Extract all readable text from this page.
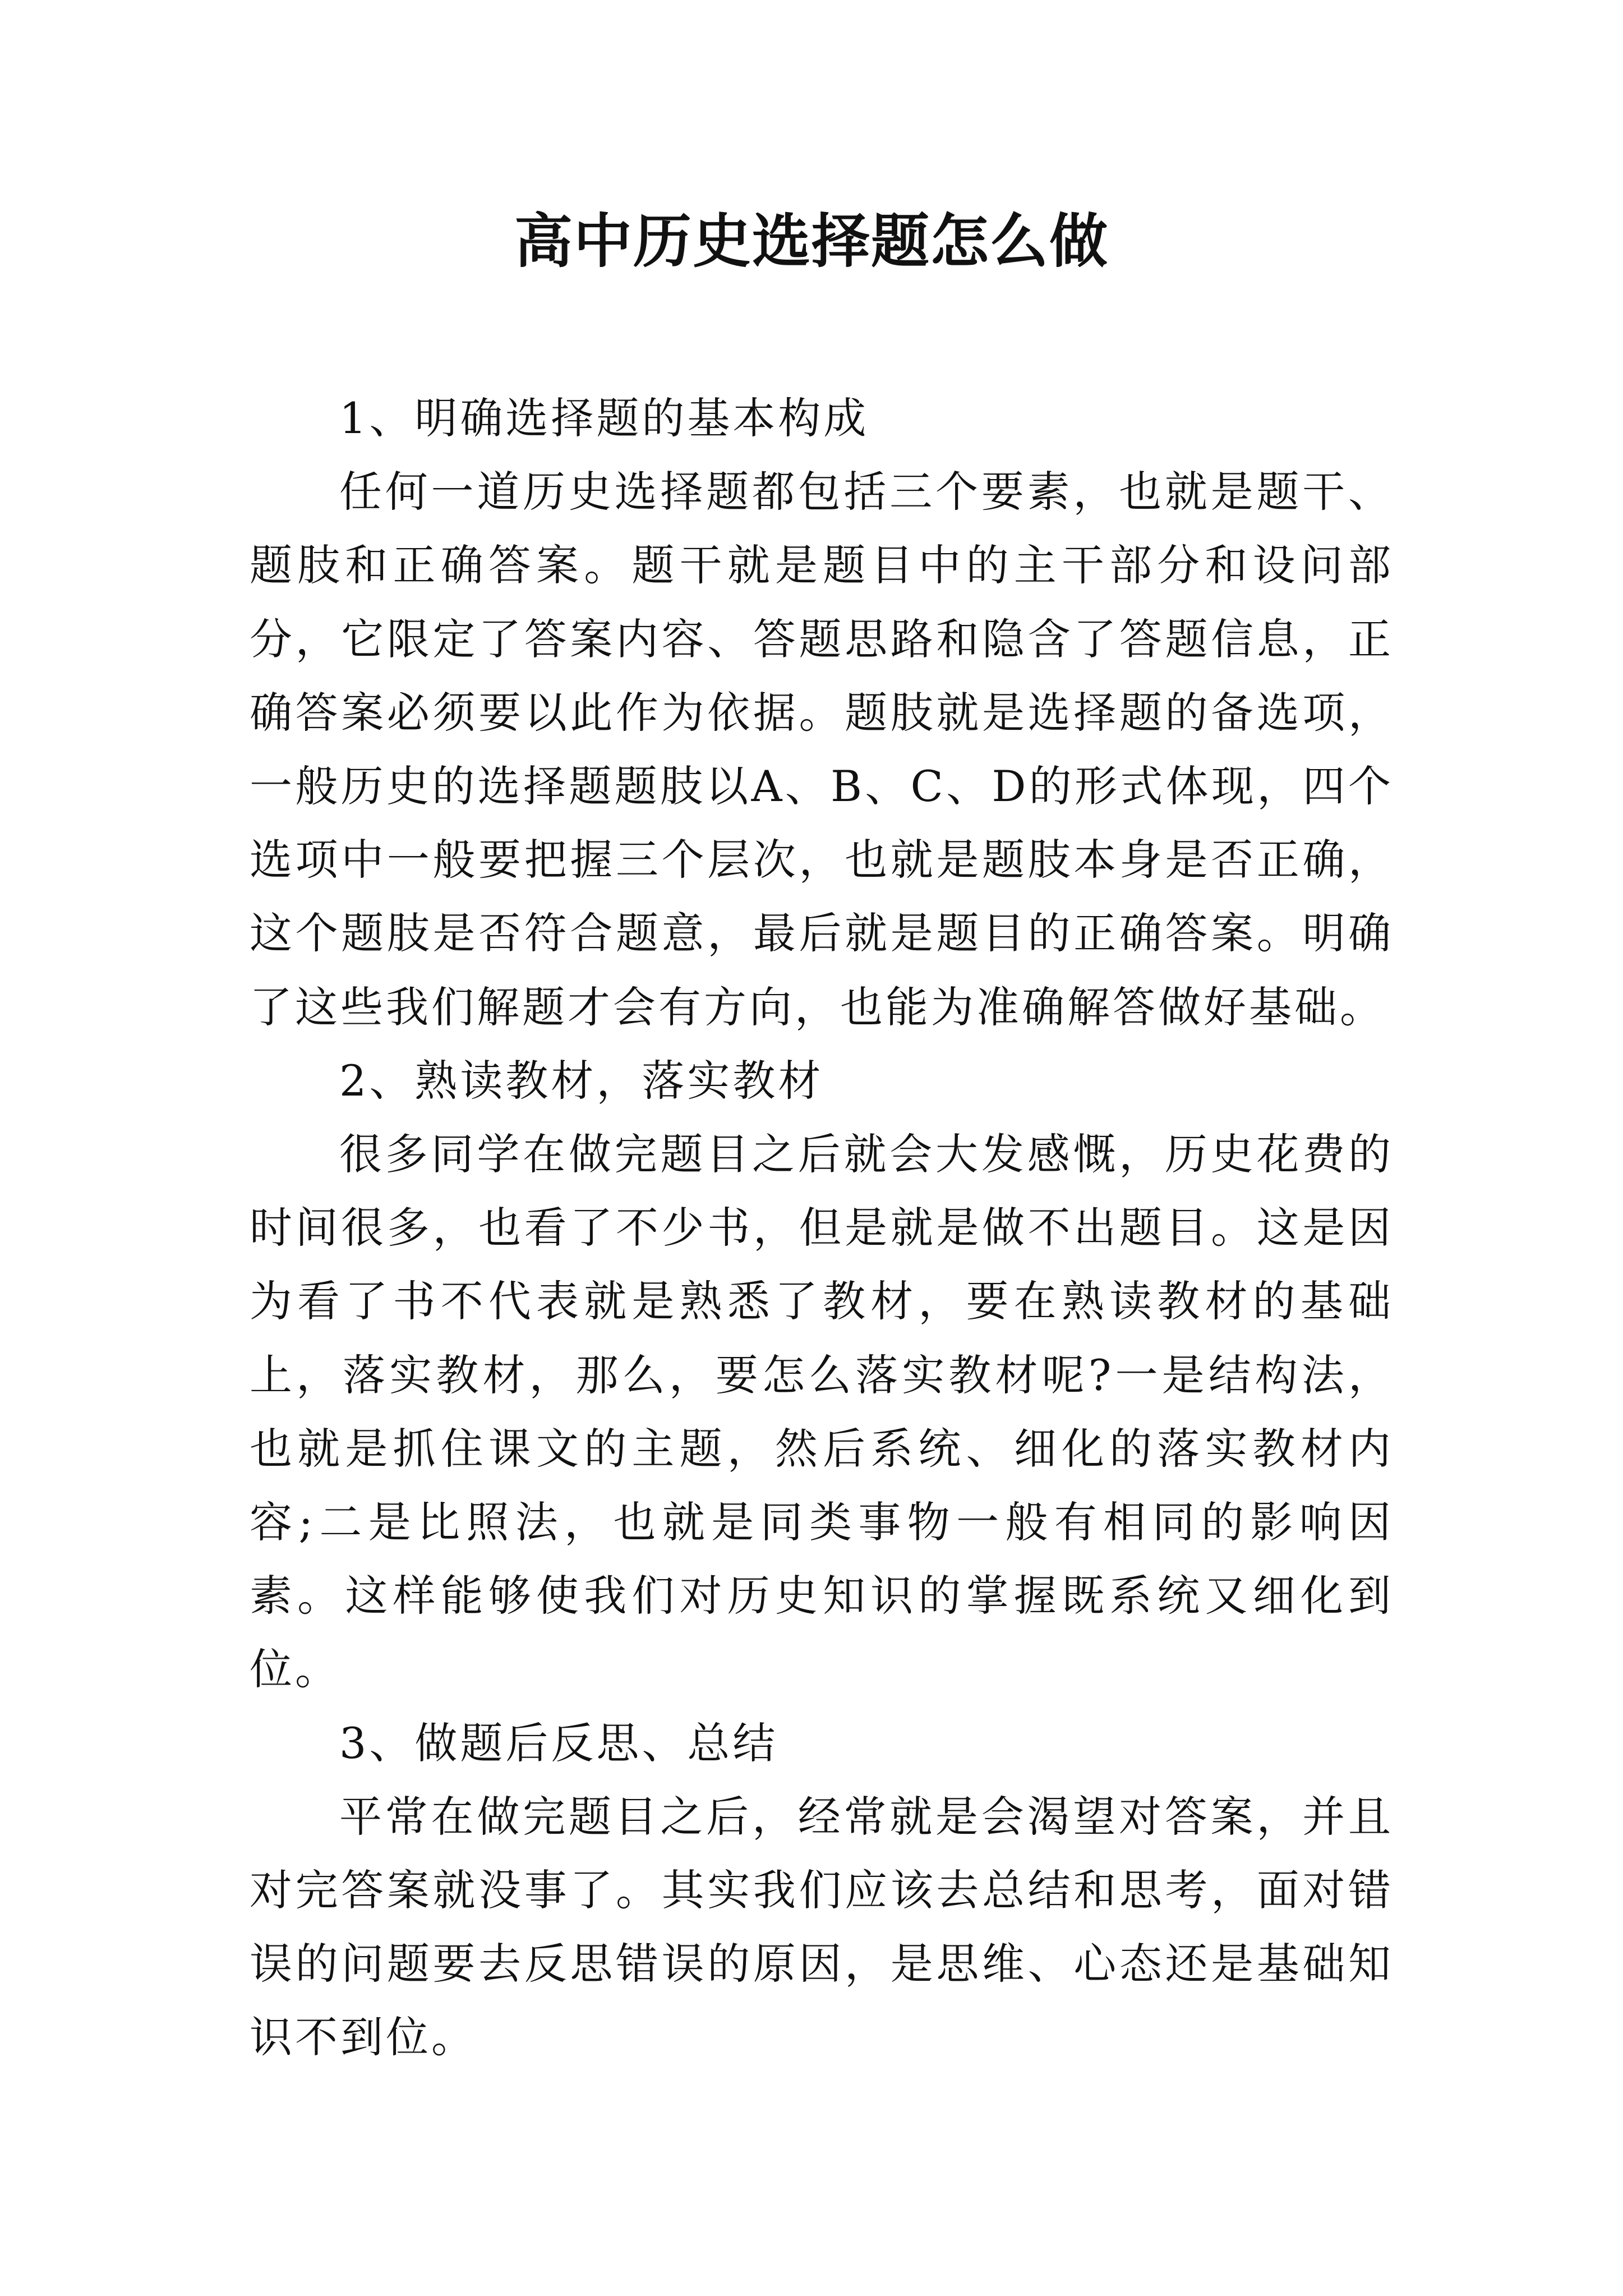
高中历史选择题怎么做

1、明确选择题的基本构成

任何一道历史选择题都包括三个要素，也就是题干、题肢和正确答案。题干就是题目中的主干部分和设问部分，它限定了答案内容、答题思路和隐含了答题信息，正确答案必须要以此作为依据。题肢就是选择题的备选项，一般历史的选择题题肢以A、B、C、D的形式体现，四个选项中一般要把握三个层次，也就是题肢本身是否正确，这个题肢是否符合题意，最后就是题目的正确答案。明确了这些我们解题才会有方向，也能为准确解答做好基础。

2、熟读教材，落实教材

很多同学在做完题目之后就会大发感慨，历史花费的时间很多，也看了不少书，但是就是做不出题目。这是因为看了书不代表就是熟悉了教材，要在熟读教材的基础上，落实教材，那么，要怎么落实教材呢?一是结构法，也就是抓住课文的主题，然后系统、细化的落实教材内容;二是比照法，也就是同类事物一般有相同的影响因素。这样能够使我们对历史知识的掌握既系统又细化到位。

3、做题后反思、总结

平常在做完题目之后，经常就是会渴望对答案，并且对完答案就没事了。其实我们应该去总结和思考，面对错误的问题要去反思错误的原因，是思维、心态还是基础知识不到位。
